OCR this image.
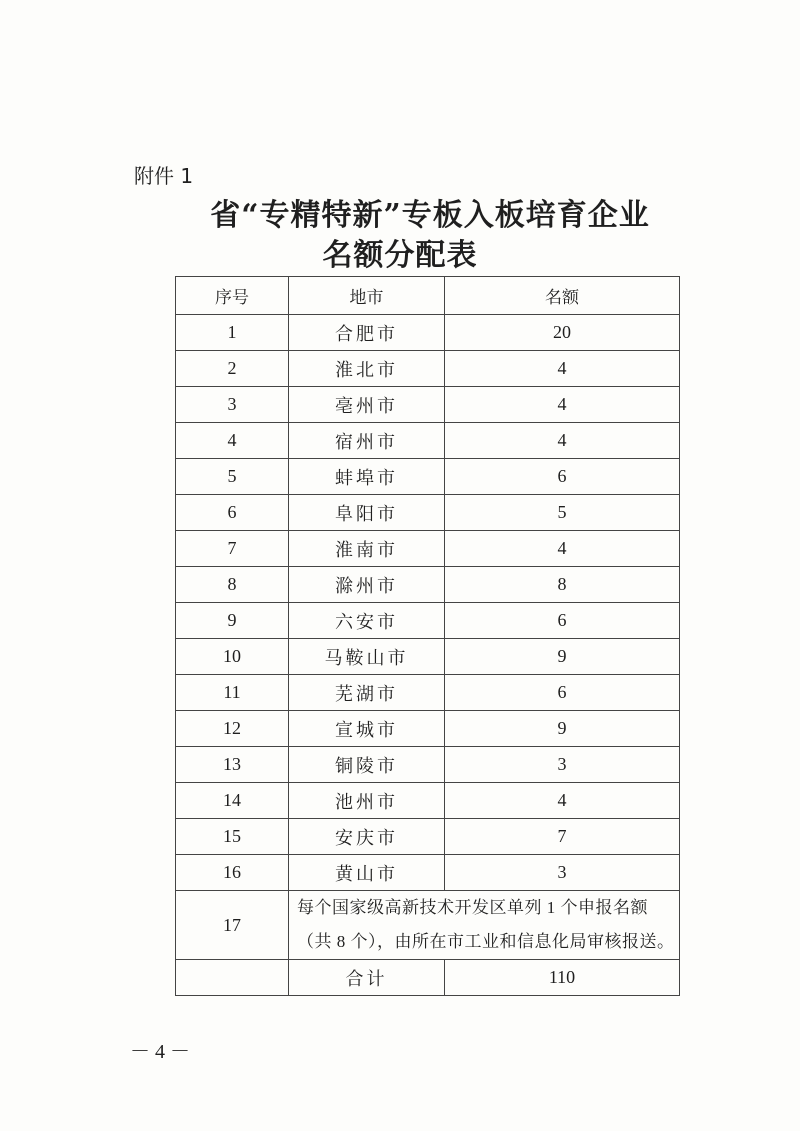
附件 1
省“专精特新”专板入板培育企业
名额分配表
序号	地市	名额
1	合肥市	20
2	淮北市	4
3	亳州市	4
4	宿州市	4
5	蚌埠市	6
6	阜阳市	5
7	淮南市	4
8	滁州市	8
9	六安市	6
10	马鞍山市	9
11	芜湖市	6
12	宣城市	9
13	铜陵市	3
14	池州市	4
15	安庆市	7
16	黄山市	3
17	每个国家级高新技术开发区单列 1 个申报名额（共 8 个），由所在市工业和信息化局审核报送。	
	合计	110
－ 4 －
